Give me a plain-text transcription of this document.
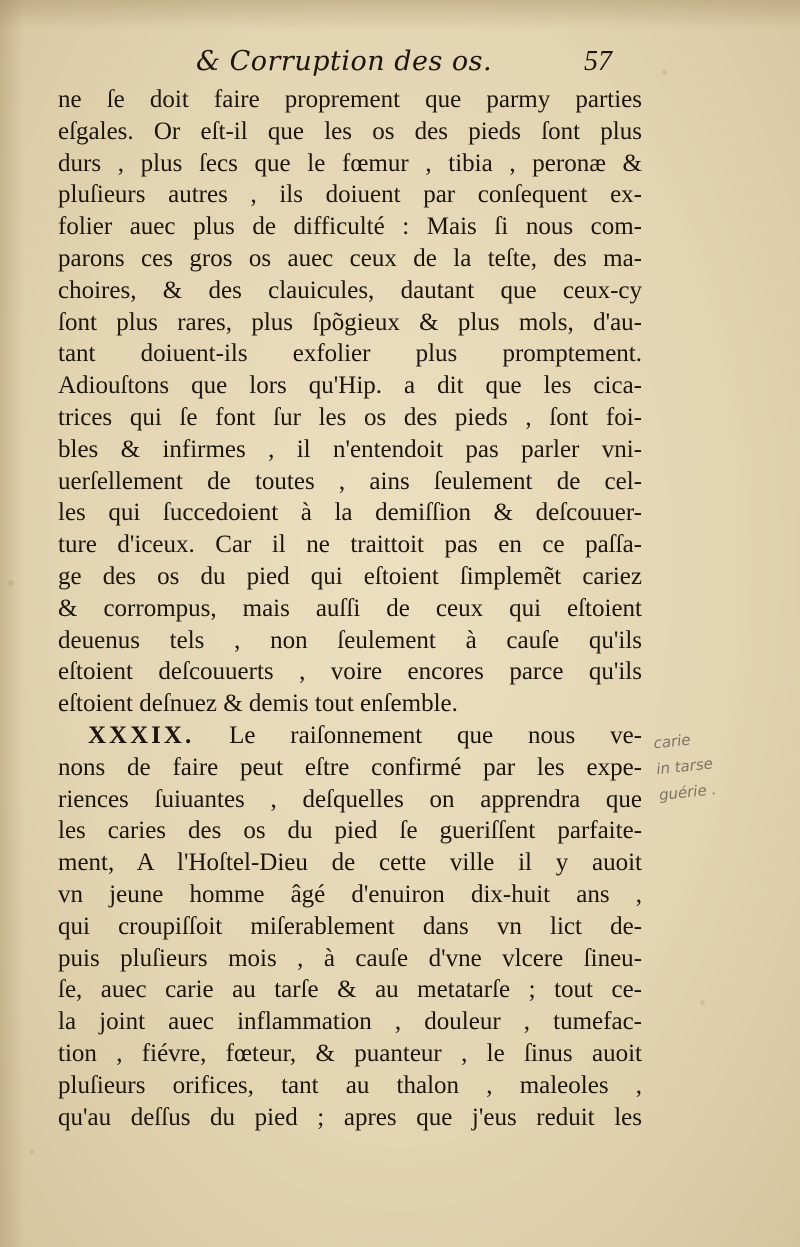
& Corruption des os.	57
ne ſe doit faire proprement que parmy parties
eſgales. Or eſt-il que les os des pieds ſont plus
durs , plus ſecs que le fœmur , tibia , peronæ &
pluſieurs autres , ils doiuent par conſequent ex-
folier auec plus de difficulté : Mais ſi nous com-
parons ces gros os auec ceux de la teſte, des ma-
choires, & des clauicules, dautant que ceux-cy
ſont plus rares, plus ſpõgieux & plus mols, d'au-
tant doiuent-ils exfolier plus promptement.
Adiouſtons que lors qu'Hip. a dit que les cica-
trices qui ſe font ſur les os des pieds , ſont foi-
bles & infirmes , il n'entendoit pas parler vni-
uerſellement de toutes , ains ſeulement de cel-
les qui ſuccedoient à la demiſſion & deſcouuer-
ture d'iceux. Car il ne traittoit pas en ce paſſa-
ge des os du pied qui eſtoient ſimplemẽt cariez
& corrompus, mais auſſi de ceux qui eſtoient
deuenus tels , non ſeulement à cauſe qu'ils
eſtoient deſcouuerts , voire encores parce qu'ils
eſtoient deſnuez & demis tout enſemble.
XXXIX. Le raiſonnement que nous ve-
nons de faire peut eſtre confirmé par les expe-
riences ſuiuantes , deſquelles on apprendra que
les caries des os du pied ſe gueriſſent parfaite-
ment, A l'Hoſtel-Dieu de cette ville il y auoit
vn jeune homme âgé d'enuiron dix-huit ans ,
qui croupiſſoit miſerablement dans vn lict de-
puis pluſieurs mois , à cauſe d'vne vlcere ſineu-
ſe, auec carie au tarſe & au metatarſe ; tout ce-
la joint auec inflammation , douleur , tumefac-
tion , fiévre, fœteur, & puanteur , le ſinus auoit
pluſieurs orifices, tant au thalon , maleoles ,
qu'au deſſus du pied ; apres que j'eus reduit les
carie
in tarse
guérie .
